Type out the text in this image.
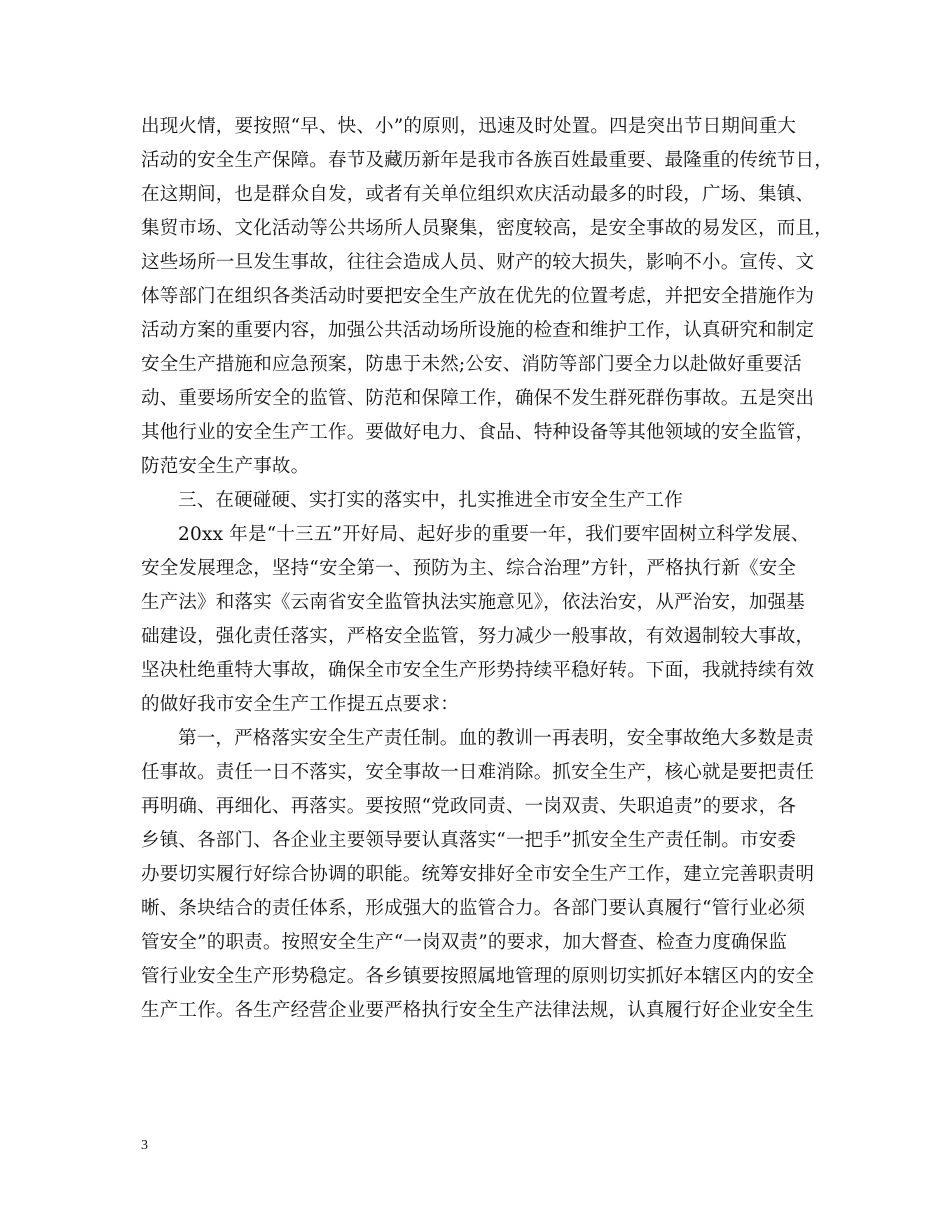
出现火情，要按照“早、快、小”的原则，迅速及时处置。四是突出节日期间重大
活动的安全生产保障。春节及藏历新年是我市各族百姓最重要、最隆重的传统节日，
在这期间，也是群众自发，或者有关单位组织欢庆活动最多的时段，广场、集镇、
集贸市场、文化活动等公共场所人员聚集，密度较高，是安全事故的易发区，而且，
这些场所一旦发生事故，往往会造成人员、财产的较大损失，影响不小。宣传、文
体等部门在组织各类活动时要把安全生产放在优先的位置考虑，并把安全措施作为
活动方案的重要内容，加强公共活动场所设施的检查和维护工作，认真研究和制定
安全生产措施和应急预案，防患于未然;公安、消防等部门要全力以赴做好重要活
动、重要场所安全的监管、防范和保障工作，确保不发生群死群伤事故。五是突出
其他行业的安全生产工作。要做好电力、食品、特种设备等其他领域的安全监管，
防范安全生产事故。
三、在硬碰硬、实打实的落实中，扎实推进全市安全生产工作
20xx 年是“十三五”开好局、起好步的重要一年，我们要牢固树立科学发展、
安全发展理念，坚持“安全第一、预防为主、综合治理”方针，严格执行新《安全
生产法》和落实《云南省安全监管执法实施意见》，依法治安，从严治安，加强基
础建设，强化责任落实，严格安全监管，努力减少一般事故，有效遏制较大事故，
坚决杜绝重特大事故，确保全市安全生产形势持续平稳好转。下面，我就持续有效
的做好我市安全生产工作提五点要求：
第一，严格落实安全生产责任制。血的教训一再表明，安全事故绝大多数是责
任事故。责任一日不落实，安全事故一日难消除。抓安全生产，核心就是要把责任
再明确、再细化、再落实。要按照“党政同责、一岗双责、失职追责”的要求，各
乡镇、各部门、各企业主要领导要认真落实“一把手”抓安全生产责任制。市安委
办要切实履行好综合协调的职能。统筹安排好全市安全生产工作，建立完善职责明
晰、条块结合的责任体系，形成强大的监管合力。各部门要认真履行“管行业必须
管安全”的职责。按照安全生产“一岗双责”的要求，加大督查、检查力度确保监
管行业安全生产形势稳定。各乡镇要按照属地管理的原则切实抓好本辖区内的安全
生产工作。各生产经营企业要严格执行安全生产法律法规，认真履行好企业安全生
3
